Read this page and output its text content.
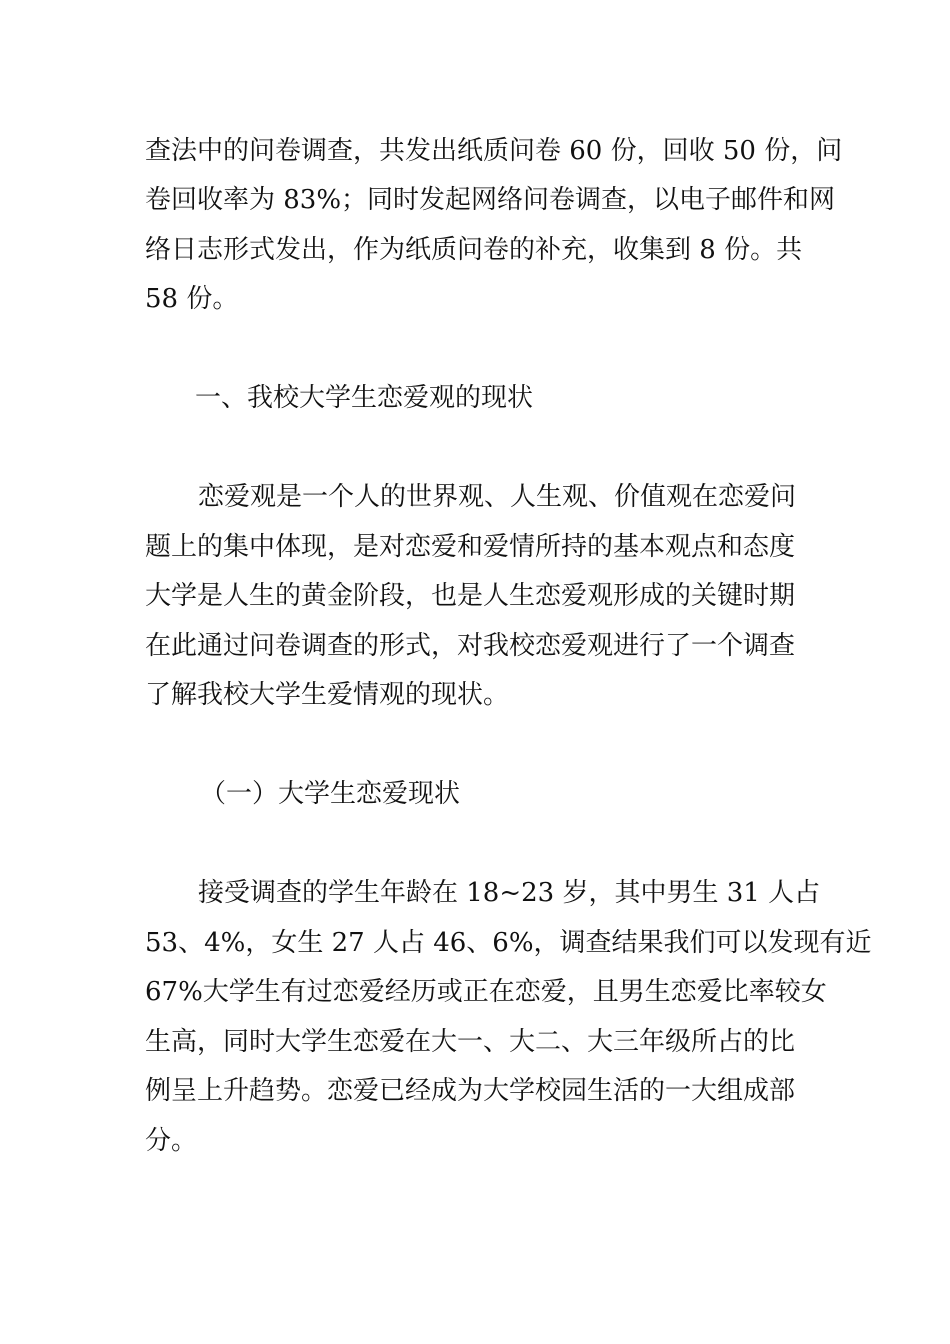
查法中的问卷调查，共发出纸质问卷 60 份，回收 50 份，问
卷回收率为 83%；同时发起网络问卷调查，以电子邮件和网
络日志形式发出，作为纸质问卷的补充，收集到 8 份。共
58 份。
一、我校大学生恋爱观的现状
恋爱观是一个人的世界观、人生观、价值观在恋爱问
题上的集中体现，是对恋爱和爱情所持的基本观点和态度
大学是人生的黄金阶段，也是人生恋爱观形成的关键时期
在此通过问卷调查的形式，对我校恋爱观进行了一个调查
了解我校大学生爱情观的现状。
（一）大学生恋爱现状
接受调查的学生年龄在 18~23 岁，其中男生 31 人占
53、4%，女生 27 人占 46、6%，调查结果我们可以发现有近
67%大学生有过恋爱经历或正在恋爱，且男生恋爱比率较女
生高，同时大学生恋爱在大一、大二、大三年级所占的比
例呈上升趋势。恋爱已经成为大学校园生活的一大组成部
分。
